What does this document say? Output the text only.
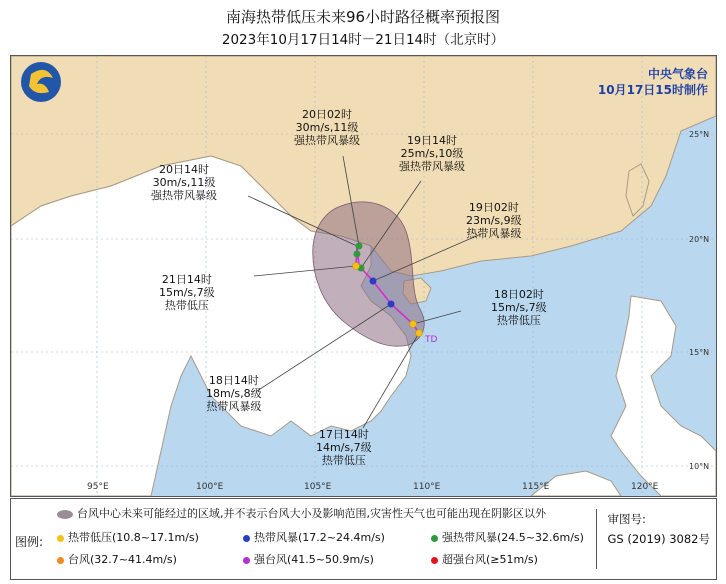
南海热带低压未来96小时路径概率预报图
2023年10月17日14时－21日14时（北京时）
95°E	100°E	105°E	110°E	115°E	120°E
25°N
20°N
15°N
10°N
TD
17日14时
14m/s,7级
热带低压
18日02时
15m/s,7级
热带低压
18日14时
18m/s,8级
热带风暴级
19日02时
23m/s,9级
热带风暴级
19日14时
25m/s,10级
强热带风暴级
20日02时
30m/s,11级
强热带风暴级
20日14时
30m/s,11级
强热带风暴级
21日14时
15m/s,7级
热带低压
中央气象台
10月17日15时制作
图例:
台风中心未来可能经过的区域,并不表示台风大小及影响范围,灾害性天气也可能出现在阴影区以外
热带低压(10.8~17.1m/s)	热带风暴(17.2~24.4m/s)	强热带风暴(24.5~32.6m/s)
台风(32.7~41.4m/s)	强台风(41.5~50.9m/s)	超强台风(≥51m/s)
审图号:
GS (2019) 3082号
